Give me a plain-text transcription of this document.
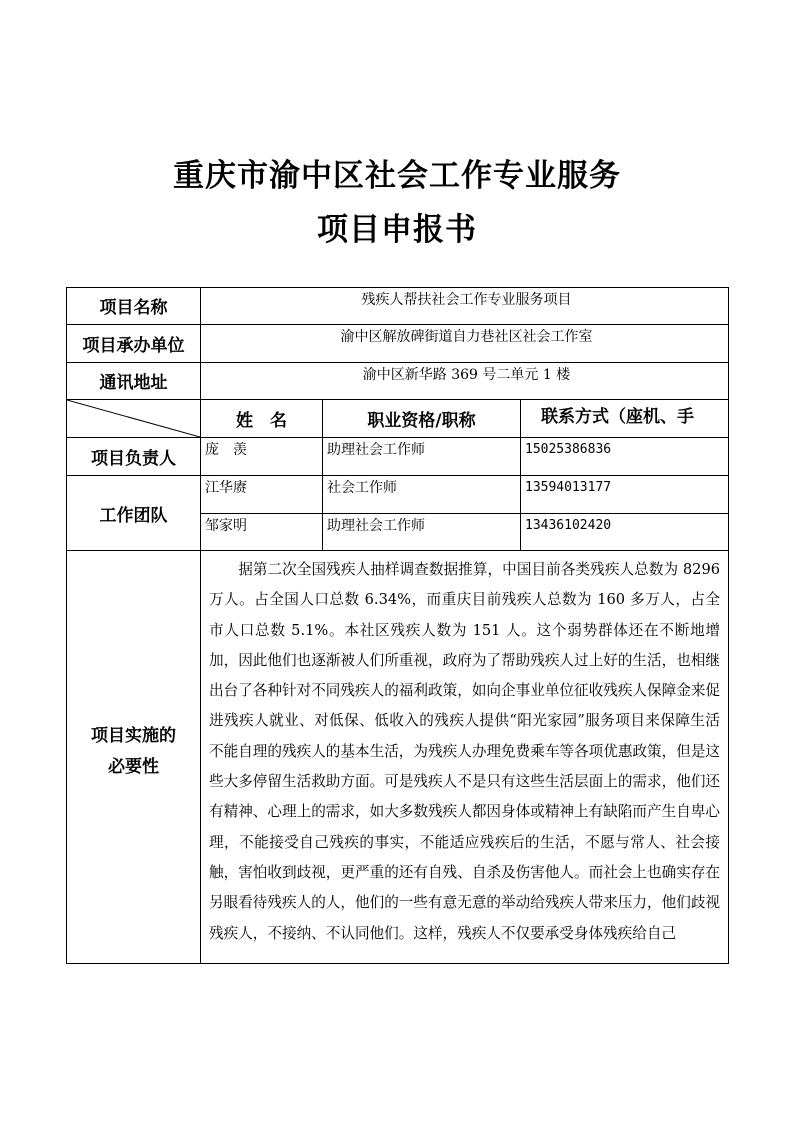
重庆市渝中区社会工作专业服务
项目申报书
项目名称	残疾人帮扶社会工作专业服务项目		
项目承办单位	渝中区解放碑街道自力巷社区社会工作室		
通讯地址	渝中区新华路 369 号二单元 1 楼		

	姓　名	职业资格/职称	联系方式（座机、手
项目负责人	庞　羡	助理社会工作师	15025386836
工作团队	江华赓	社会工作师	13594013177
	邹家明	助理社会工作师	13436102420
项目实施的
必要性	据第二次全国残疾人抽样调查数据推算，中国目前各类残疾人总数为 8296 万人。占全国人口总数 6.34%，而重庆目前残疾人总数为 160 多万人，占全市人口总数 5.1%。本社区残疾人数为 151 人。这个弱势群体还在不断地增加，因此他们也逐渐被人们所重视，政府为了帮助残疾人过上好的生活，也相继出台了各种针对不同残疾人的福利政策，如向企事业单位征收残疾人保障金来促进残疾人就业、对低保、低收入的残疾人提供“阳光家园”服务项目来保障生活不能自理的残疾人的基本生活，为残疾人办理免费乘车等各项优惠政策，但是这些大多停留生活救助方面。可是残疾人不是只有这些生活层面上的需求，他们还有精神、心理上的需求，如大多数残疾人都因身体或精神上有缺陷而产生自卑心理，不能接受自己残疾的事实，不能适应残疾后的生活，不愿与常人、社会接触，害怕收到歧视，更严重的还有自残、自杀及伤害他人。而社会上也确实存在另眼看待残疾人的人，他们的一些有意无意的举动给残疾人带来压力，他们歧视残疾人，不接纳、不认同他们。这样，残疾人不仅要承受身体残疾给自己		
